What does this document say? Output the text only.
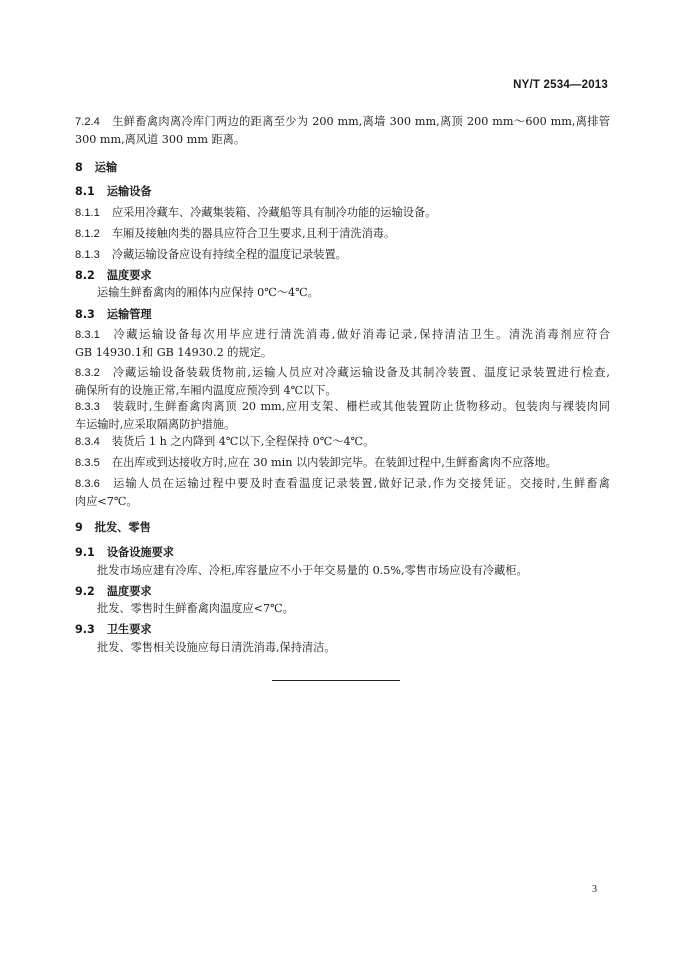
NY/T 2534—2013
7.2.4 生鲜畜禽肉离冷库门两边的距离至少为 200 mm,离墙 300 mm,离顶 200 mm～600 mm,离排管
300 mm,离风道 300 mm 距离。
8 运输
8.1 运输设备
8.1.1 应采用冷藏车、冷藏集装箱、冷藏船等具有制冷功能的运输设备。
8.1.2 车厢及接触肉类的器具应符合卫生要求,且利于清洗消毒。
8.1.3 冷藏运输设备应设有持续全程的温度记录装置。
8.2 温度要求
运输生鲜畜禽肉的厢体内应保持 0℃～4℃。
8.3 运输管理
8.3.1 冷藏运输设备每次用毕应进行清洗消毒,做好消毒记录,保持清洁卫生。清洗消毒剂应符合
GB 14930.1和 GB 14930.2 的规定。
8.3.2 冷藏运输设备装载货物前,运输人员应对冷藏运输设备及其制冷装置、温度记录装置进行检查,
确保所有的设施正常,车厢内温度应预冷到 4℃以下。
8.3.3 装载时,生鲜畜禽肉离顶 20 mm,应用支架、栅栏或其他装置防止货物移动。包装肉与裸装肉同
车运输时,应采取隔离防护措施。
8.3.4 装货后 1 h 之内降到 4℃以下,全程保持 0℃～4℃。
8.3.5 在出库或到达接收方时,应在 30 min 以内装卸完毕。在装卸过程中,生鲜畜禽肉不应落地。
8.3.6 运输人员在运输过程中要及时查看温度记录装置,做好记录,作为交接凭证。交接时,生鲜畜禽
肉应<7℃。
9 批发、零售
9.1 设备设施要求
批发市场应建有冷库、冷柜,库容量应不小于年交易量的 0.5%,零售市场应设有冷藏柜。
9.2 温度要求
批发、零售时生鲜畜禽肉温度应<7℃。
9.3 卫生要求
批发、零售相关设施应每日清洗消毒,保持清洁。
3
